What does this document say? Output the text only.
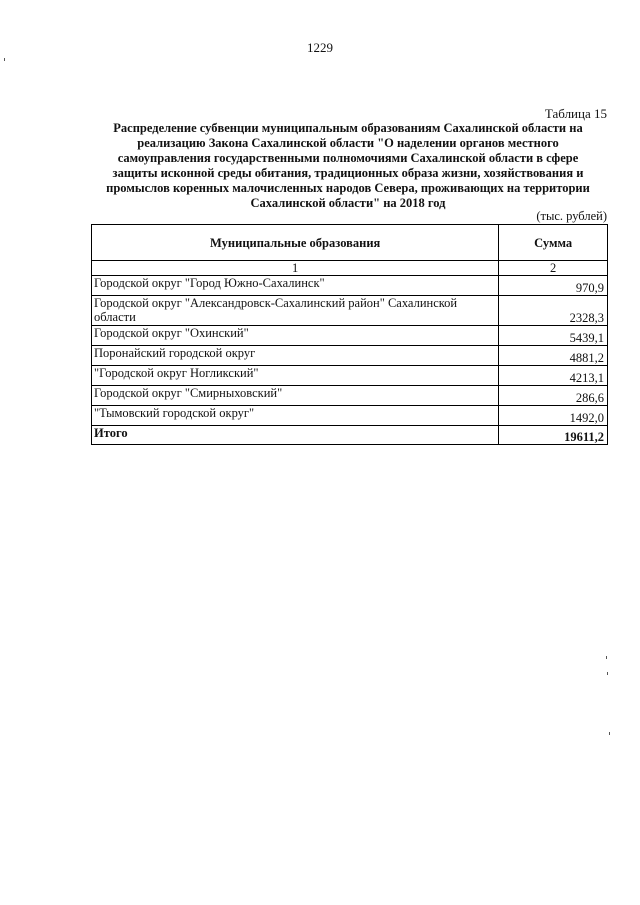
1229
Таблица 15
Распределение субвенции муниципальным образованиям Сахалинской области на
реализацию Закона Сахалинской области "О наделении органов местного
самоуправления государственными полномочиями Сахалинской области в сфере
защиты исконной среды обитания, традиционных образа жизни, хозяйствования и
промыслов коренных малочисленных народов Севера, проживающих на территории
Сахалинской области" на 2018 год
(тыс. рублей)
Муниципальные образования	Сумма
1	2
Городской округ "Город Южно-Сахалинск"	970,9
Городской округ "Александровск-Сахалинский район" Сахалинской области	2328,3
Городской округ "Охинский"	5439,1
Поронайский городской округ	4881,2
"Городской округ Ногликский"	4213,1
Городской округ "Смирныховский"	286,6
"Тымовский городской округ"	1492,0
Итого	19611,2
